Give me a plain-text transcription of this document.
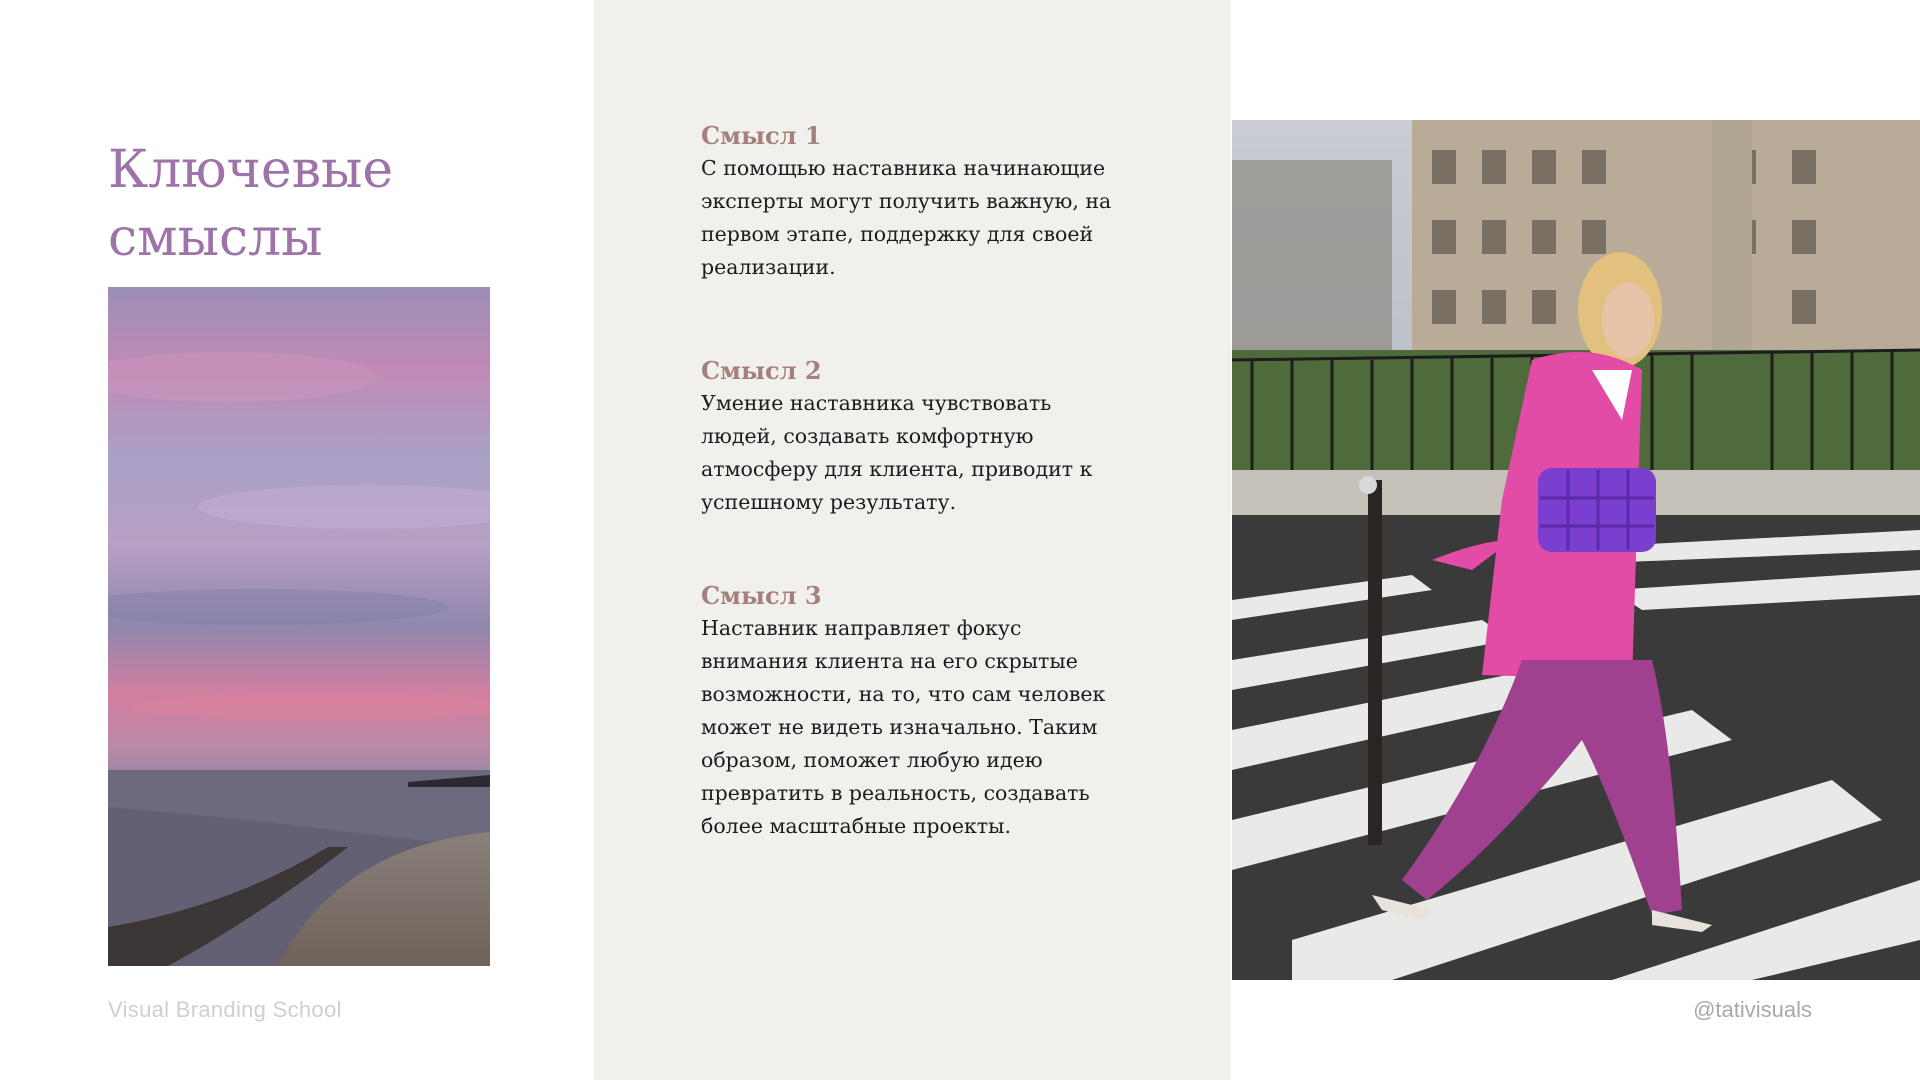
Ключевые смыслы
Смысл 1

С помощью наставника начинающие эксперты могут получить важную, на первом этапе, поддержку для своей реализации.

Смысл 2

Умение наставника чувствовать людей, создавать комфортную атмосферу для клиента, приводит к успешному результату.

Смысл 3

Наставник направляет фокус внимания клиента на его скрытые возможности, на то, что сам человек может не видеть изначально. Таким образом, поможет любую идею превратить в реальность, создавать более масштабные проекты.

Visual Branding School	@tativisuals
